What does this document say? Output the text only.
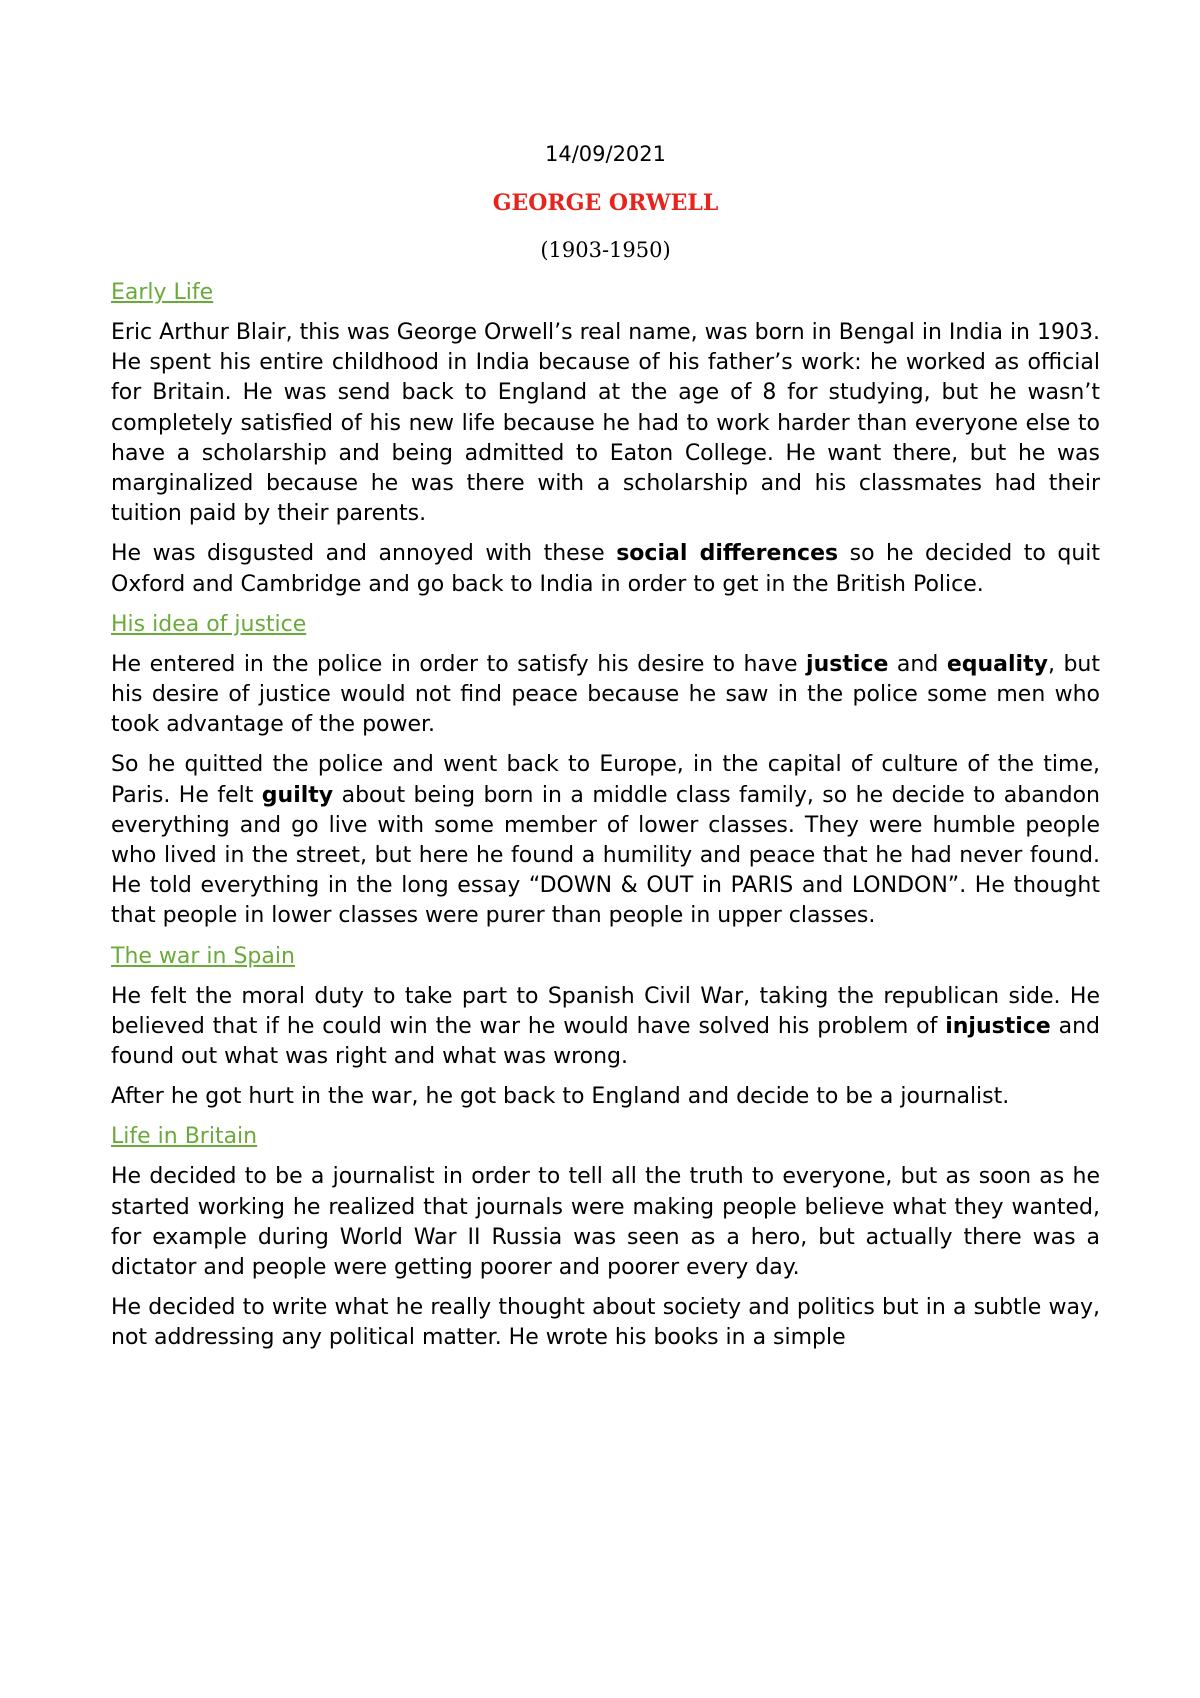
14/09/2021
GEORGE ORWELL
(1903-1950)
Early Life
Eric Arthur Blair, this was George Orwell’s real name, was born in Bengal in India in 1903. He spent his entire childhood in India because of his father’s work: he worked as official for Britain. He was send back to England at the age of 8 for studying, but he wasn’t completely satisfied of his new life because he had to work harder than everyone else to have a scholarship and being admitted to Eaton College. He want there, but he was marginalized because he was there with a scholarship and his classmates had their tuition paid by their parents.
He was disgusted and annoyed with these social differences so he decided to quit Oxford and Cambridge and go back to India in order to get in the British Police.
His idea of justice
He entered in the police in order to satisfy his desire to have justice and equality, but his desire of justice would not find peace because he saw in the police some men who took advantage of the power.
So he quitted the police and went back to Europe, in the capital of culture of the time, Paris. He felt guilty about being born in a middle class family, so he decide to abandon everything and go live with some member of lower classes. They were humble people who lived in the street, but here he found a humility and peace that he had never found. He told everything in the long essay “DOWN & OUT in PARIS and LONDON”. He thought that people in lower classes were purer than people in upper classes.
The war in Spain
He felt the moral duty to take part to Spanish Civil War, taking the republican side. He believed that if he could win the war he would have solved his problem of injustice and found out what was right and what was wrong.
After he got hurt in the war, he got back to England and decide to be a journalist.
Life in Britain
He decided to be a journalist in order to tell all the truth to everyone, but as soon as he started working he realized that journals were making people believe what they wanted, for example during World War II Russia was seen as a hero, but actually there was a dictator and people were getting poorer and poorer every day.
He decided to write what he really thought about society and politics but in a subtle way, not addressing any political matter. He wrote his books in a simple
